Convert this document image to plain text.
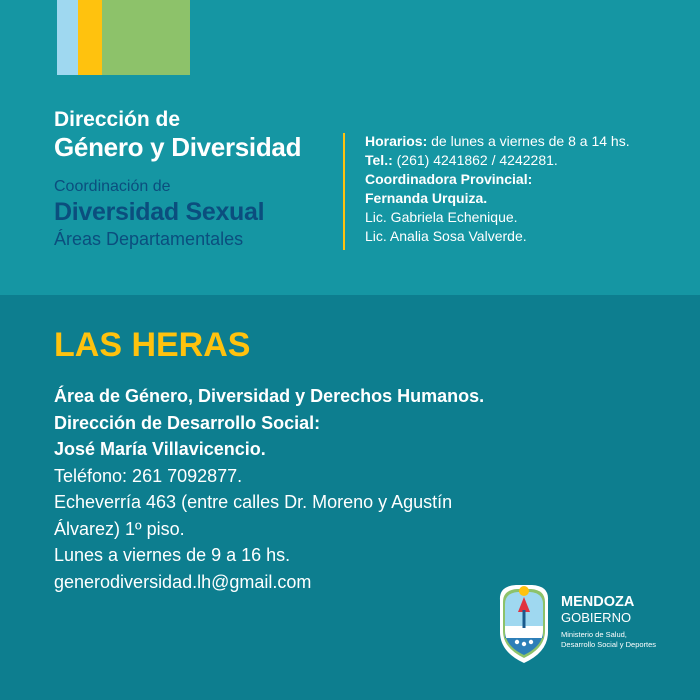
Dirección de
Género y Diversidad
Coordinación de
Diversidad Sexual
Áreas Departamentales
Horarios: de lunes a viernes de 8 a 14 hs.
Tel.: (261) 4241862 / 4242281.
Coordinadora Provincial:
Fernanda Urquiza.
Lic. Gabriela Echenique.
Lic. Analia Sosa Valverde.
LAS HERAS
Área de Género, Diversidad y Derechos Humanos.
Dirección de Desarrollo Social:
José María Villavicencio.
Teléfono: 261 7092877.
Echeverría 463 (entre calles Dr. Moreno y Agustín
Álvarez) 1º piso.
Lunes a viernes de 9 a 16 hs.
generodiversidad.lh@gmail.com
MENDOZA
GOBIERNO
Ministerio de Salud,
Desarrollo Social y Deportes
